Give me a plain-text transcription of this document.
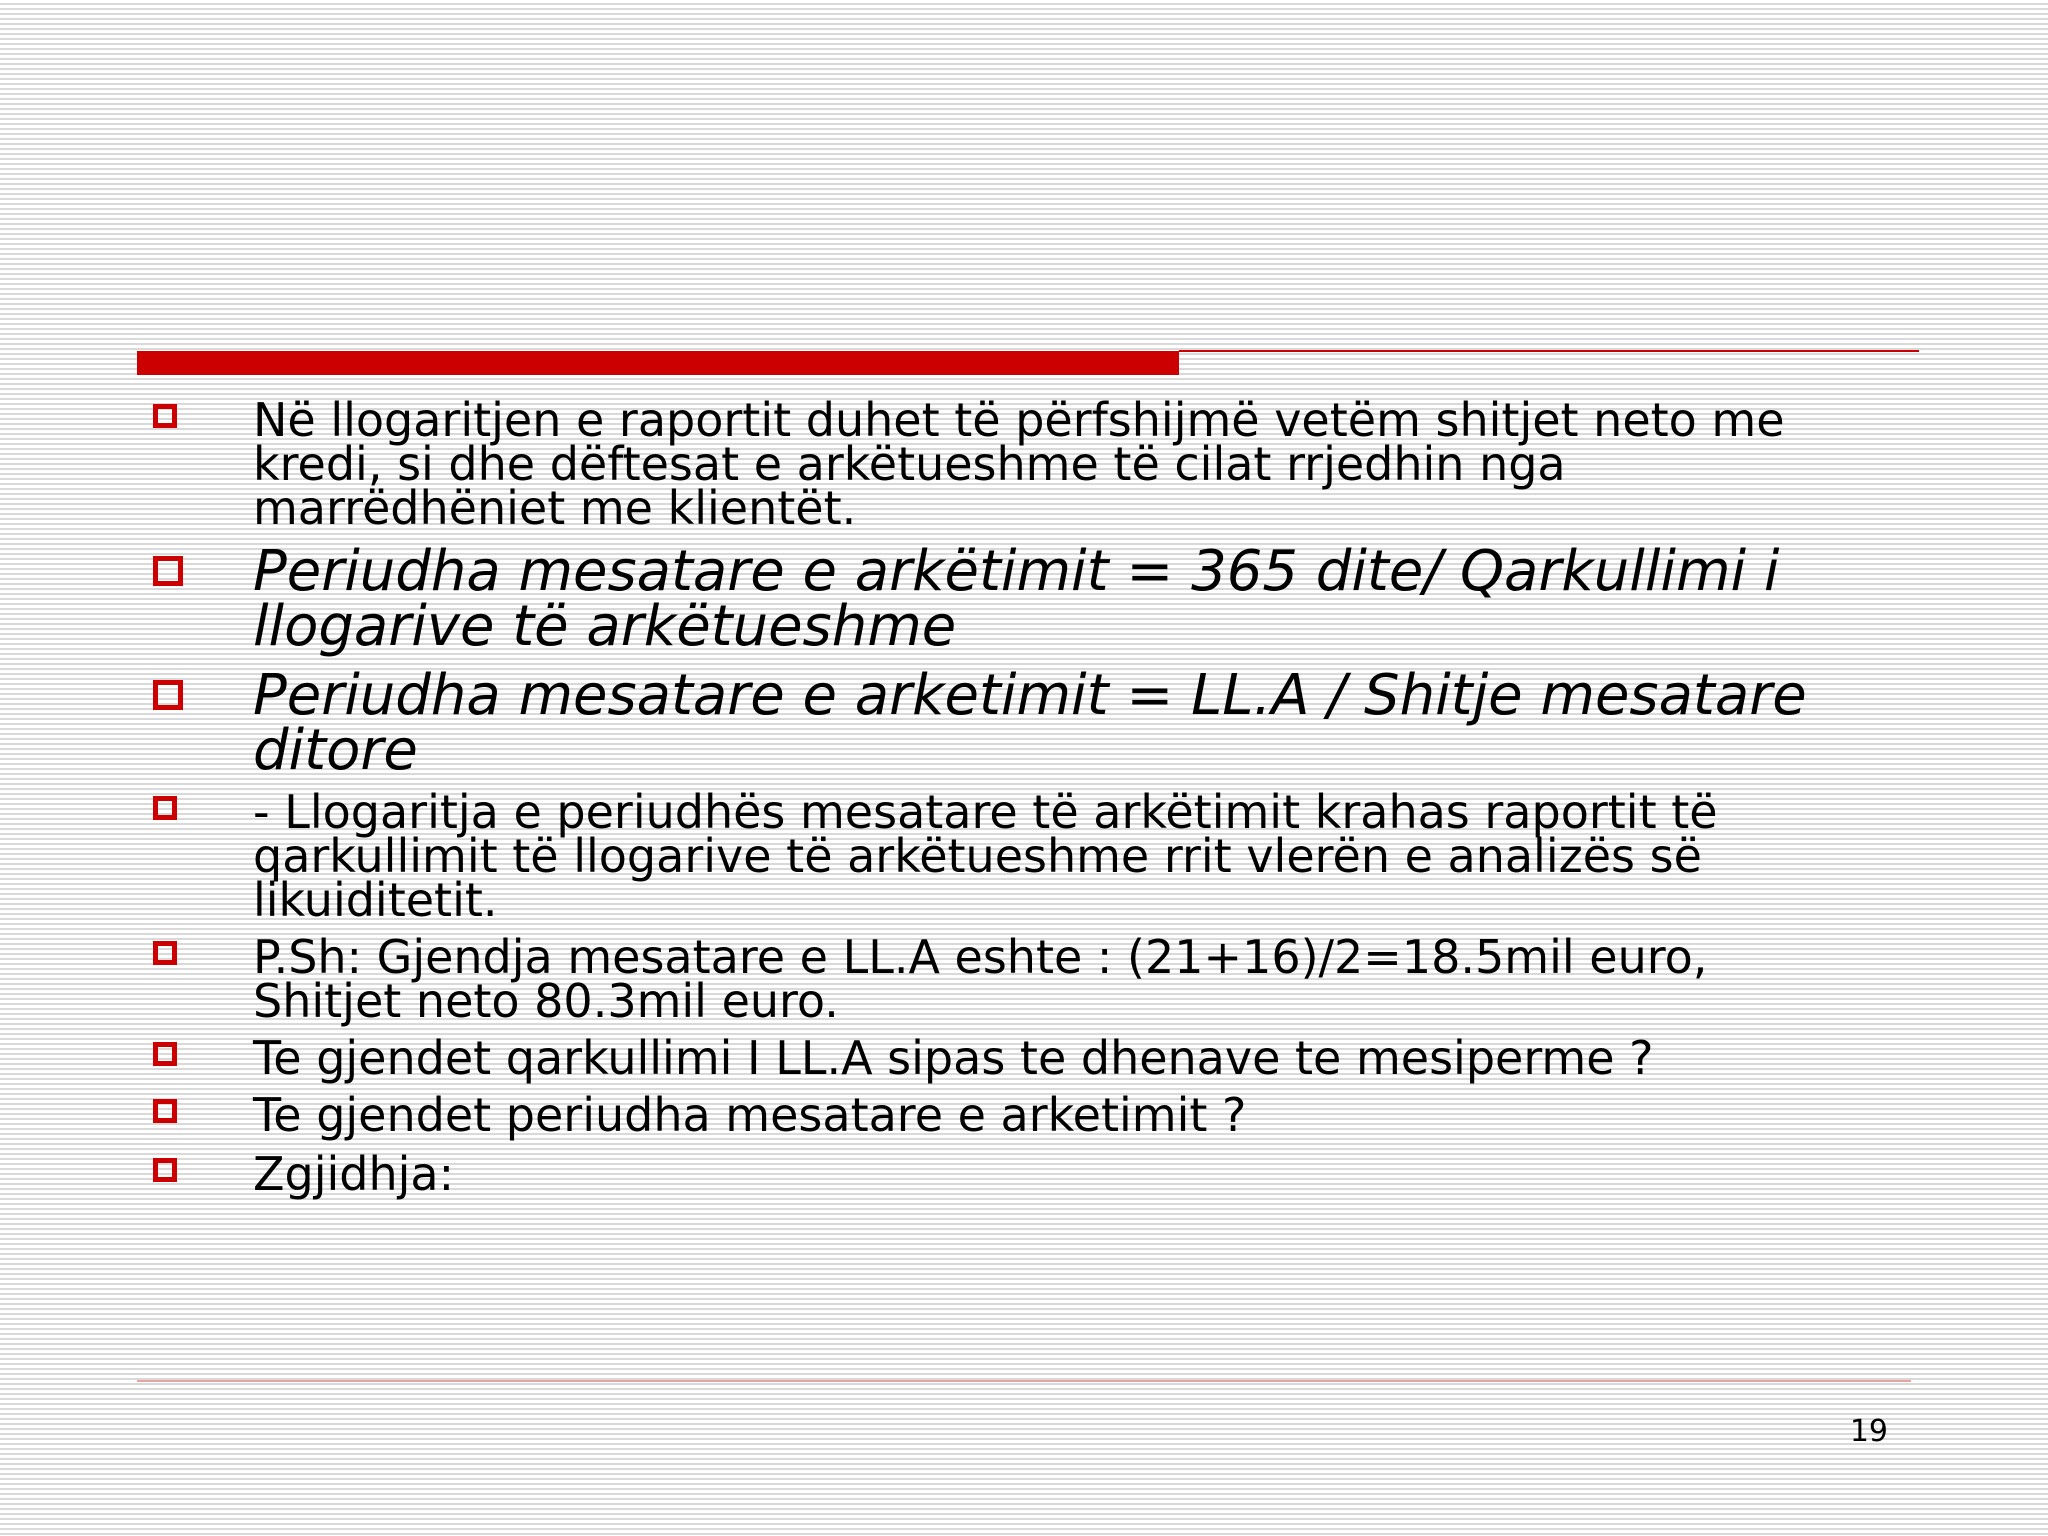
Në llogaritjen e raportit duhet të përfshijmë vetëm shitjet neto me
kredi, si dhe dëftesat e arkëtueshme të cilat rrjedhin nga
marrëdhëniet me klientët.
Periudha mesatare e arkëtimit = 365 dite/ Qarkullimi i
llogarive të arkëtueshme
Periudha mesatare e arketimit = LL.A / Shitje mesatare
ditore
- Llogaritja e periudhës mesatare të arkëtimit krahas raportit të
qarkullimit të llogarive të arkëtueshme rrit vlerën e analizës së
likuiditetit.
P.Sh: Gjendja mesatare e LL.A eshte : (21+16)/2=18.5mil euro,
Shitjet neto 80.3mil euro.
Te gjendet qarkullimi I LL.A sipas te dhenave te mesiperme ?
Te gjendet periudha mesatare e arketimit ?
Zgjidhja:
19
